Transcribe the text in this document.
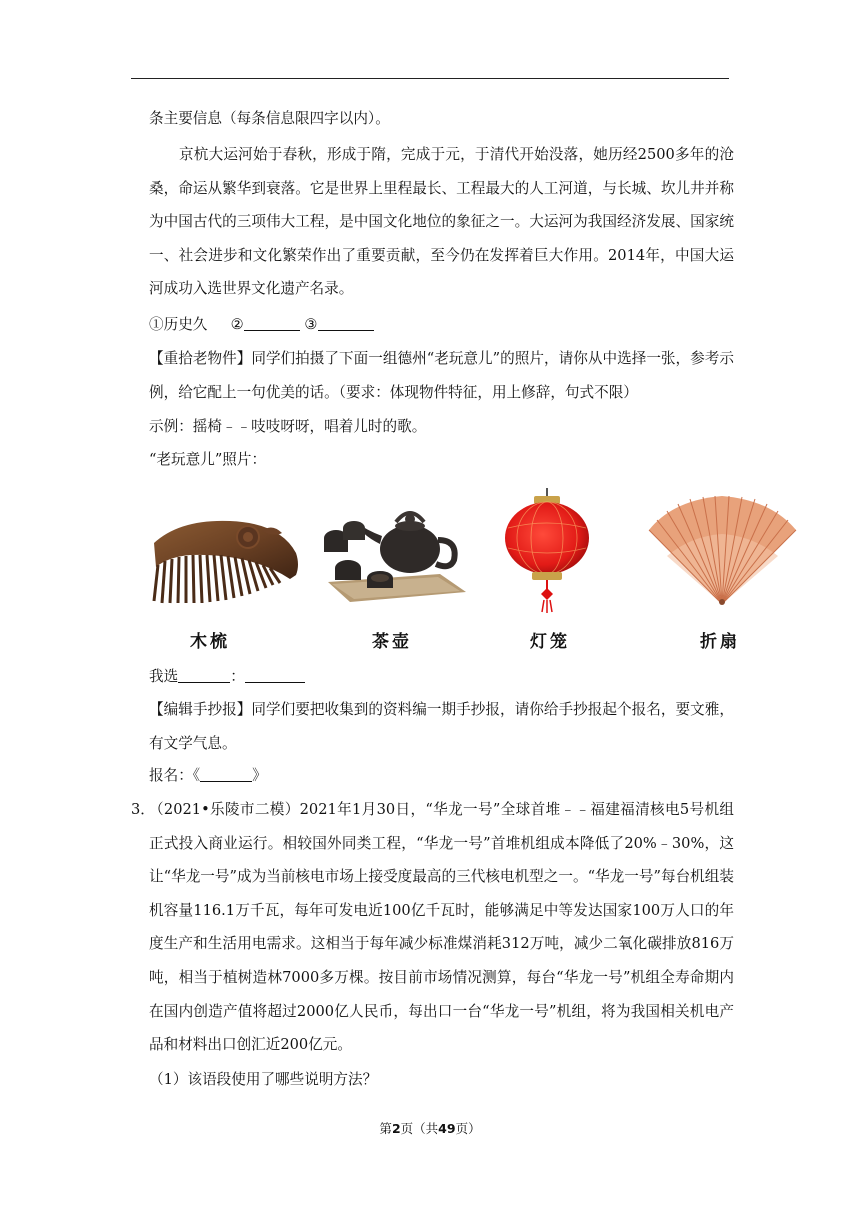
条主要信息（每条信息限四字以内）。

京杭大运河始于春秋，形成于隋，完成于元，于清代开始没落，她历经2500多年的沧桑，命运从繁华到衰落。它是世界上里程最长、工程最大的人工河道，与长城、坎儿井并称为中国古代的三项伟大工程，是中国文化地位的象征之一。大运河为我国经济发展、国家统一、社会进步和文化繁荣作出了重要贡献，至今仍在发挥着巨大作用。2014年，中国大运河成功入选世界文化遗产名录。

①历史久 ②	③

【重拾老物件】同学们拍摄了下面一组德州“老玩意儿”的照片，请你从中选择一张，参考示例，给它配上一句优美的话。（要求：体现物件特征，用上修辞，句式不限）

示例：摇椅﹣﹣吱吱呀呀，唱着儿时的歌。

“老玩意儿”照片：

木梳	茶壶	灯笼	折扇

我选	：

【编辑手抄报】同学们要把收集到的资料编一期手抄报，请你给手抄报起个报名，要文雅，有文学气息。

报名：《	》

3．

（2021•乐陵市二模）2021年1月30日，“华龙一号”全球首堆﹣﹣福建福清核电5号机组正式投入商业运行。相较国外同类工程，“华龙一号”首堆机组成本降低了20%﹣30%，这让“华龙一号”成为当前核电市场上接受度最高的三代核电机型之一。“华龙一号”每台机组装机容量116.1万千瓦，每年可发电近100亿千瓦时，能够满足中等发达国家100万人口的年度生产和生活用电需求。这相当于每年减少标准煤消耗312万吨，减少二氧化碳排放816万吨，相当于植树造林7000多万棵。按目前市场情况测算，每台“华龙一号”机组全寿命期内在国内创造产值将超过2000亿人民币，每出口一台“华龙一号”机组，将为我国相关机电产品和材料出口创汇近200亿元。

（1）该语段使用了哪些说明方法？

第2页（共49页）
